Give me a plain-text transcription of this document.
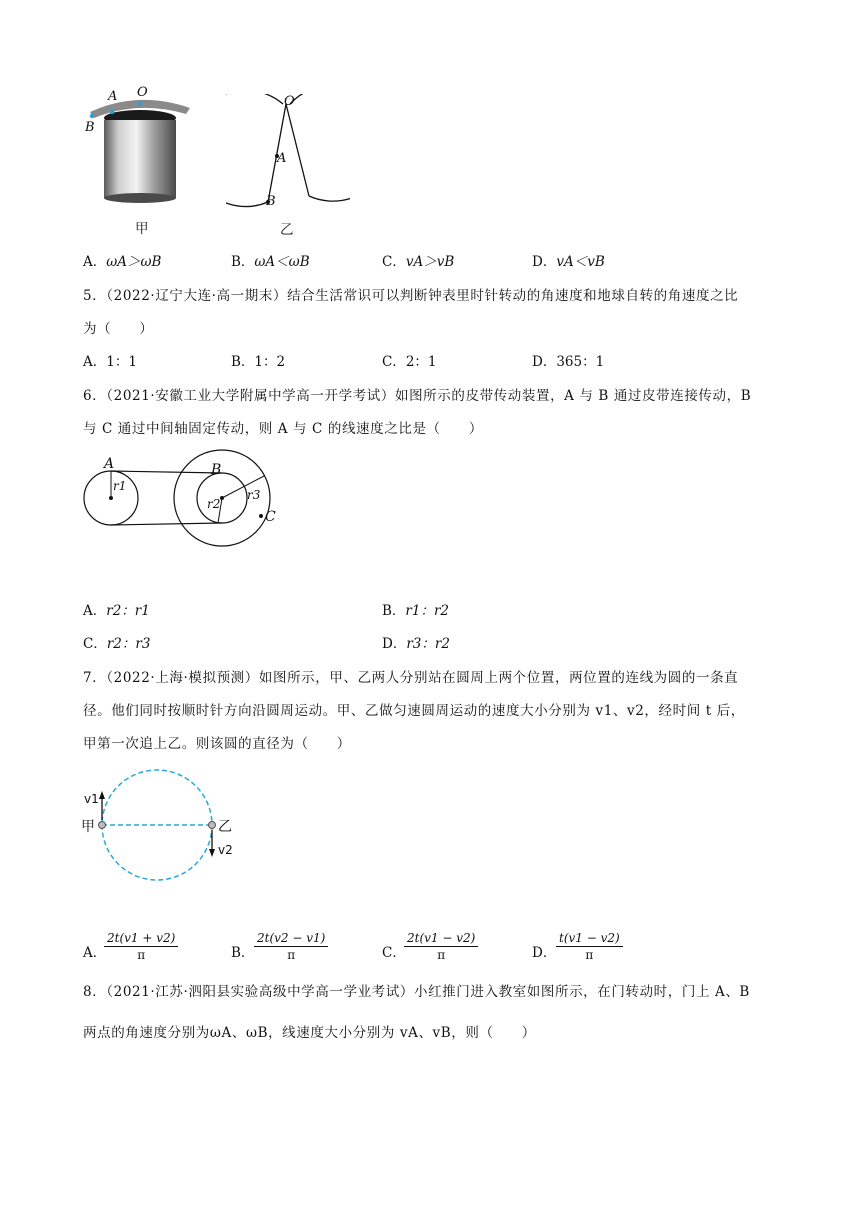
A O
B
甲
O
A
B
乙
A．ωA＞ωB	B．ωA＜ωB	C．vA＞vB	D．vA＜vB
5．（2022·辽宁大连·高一期末）结合生活常识可以判断钟表里时针转动的角速度和地球自转的角速度之比
为（　　）
A．1：1	B．1：2	C．2：1	D．365：1
6．（2021·安徽工业大学附属中学高一开学考试）如图所示的皮带传动装置，A 与 B 通过皮带连接传动，B
与 C 通过中间轴固定传动，则 A 与 C 的线速度之比是（　　）
A
r1
B
r2
r3
C
A．r2：r1	B．r1：r2
C．r2：r3	D．r3：r2
7．（2022·上海·模拟预测）如图所示，甲、乙两人分别站在圆周上两个位置，两位置的连线为圆的一条直
径。他们同时按顺时针方向沿圆周运动。甲、乙做匀速圆周运动的速度大小分别为 v1、v2，经时间 t 后，
甲第一次追上乙。则该圆的直径为（　　）
v1
甲	乙
v2
A．
$\frac{2t(v1 + v2)}{\pi}$	B． $\frac{2t(v2 - v1)}{\pi}$	C．
$\frac{2t(v1 - v2)}{\pi}$	D． $\frac{t(v1 - v2)}{\pi}$
8．（2021·江苏·泗阳县实验高级中学高一学业考试）小红推门进入教室如图所示，在门转动时，门上 A、B
两点的角速度分别为ωA、ωB，线速度大小分别为 vA、vB，则（　　）
